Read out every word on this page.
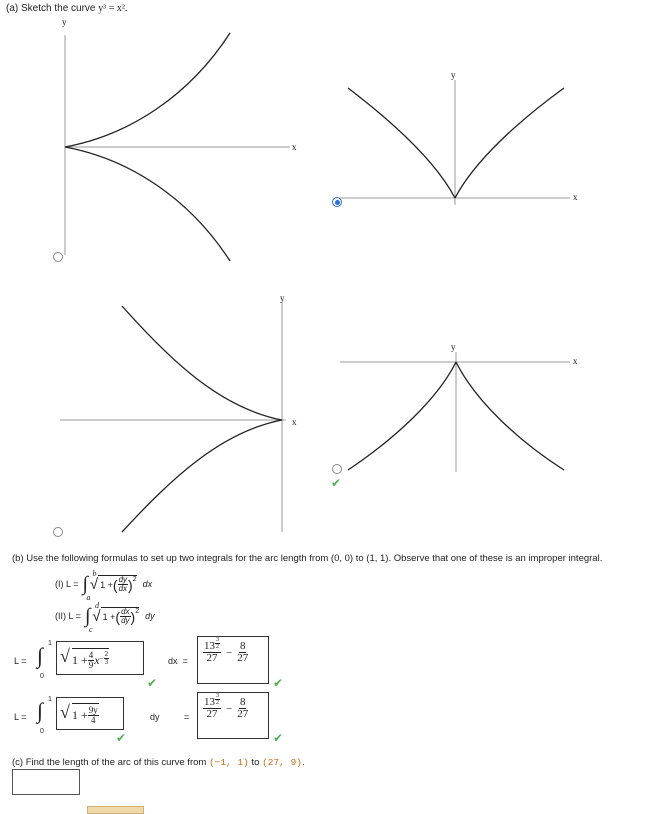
(a) Sketch the curve y³ = x².
y
x
y
x
y
x
y
x
✔
(b) Use the following formulas to set up two integrals for the arc length from (0, 0) to (1, 1). Observe that one of these is an improper integral.
(I) L = ∫ b
a
√ 1 + ( $\frac{dy}{dx} )^2$ dx
(II) L = ∫ d
c
√ 1 + ( $\frac{dx}{dy} )^2$ dy
L = ∫ 1
0
√ $1 + \frac{4}{9}$ $x - \frac{2}{3}$
✔
dx  = $\frac{13 \frac{3}{2}}{27} - \frac{8}{27}$
✔
L = ∫ 1
0
√ $1 + \frac{9y}{4}$
✔
dy	= $\frac{13 \frac{3}{2}}{27} - \frac{8}{27}$
✔
(c) Find the length of the arc of this curve from (−1, 1) to (27, 9).
